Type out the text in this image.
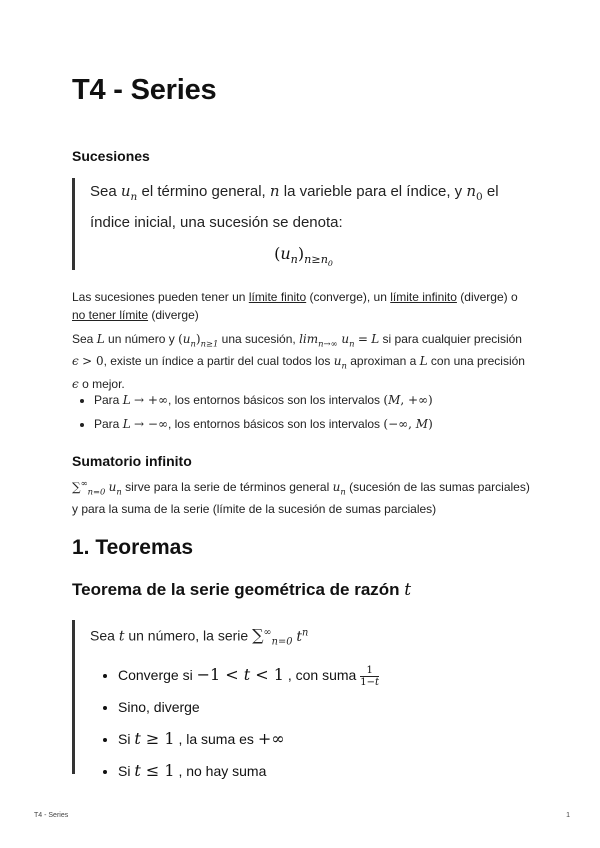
T4 - Series
Sucesiones

Sea $u_n$ el término general, n la varieble para el índice, y $n_0$ el índice inicial, una sucesión se denota:

$(u_n)_{n\ge n_0}$

Las sucesiones pueden tener un límite finito (converge), un límite infinito (diverge) o no tener límite (diverge)

Sea L un número y $(u_n)_{n\ge 1}$ una sucesión, $\lim_{n\to\infty} u_n = L$ si para cualquier precisión ϵ > 0, existe un índice a partir del cual todos los $u_n$ aproximan a L con una precisión ϵ o mejor.

• Para L → +∞, los entornos básicos son los intervalos (M, +∞)
• Para L → −∞, los entornos básicos son los intervalos (−∞, M)
Sumatorio infinito

$\sum^\infty_{n=0}$ $u_n$ sirve para la serie de términos general $u_n$ (sucesión de las sumas parciales) y para la suma de la serie (límite de la sucesión de sumas parciales)

1. Teoremas
Teorema de la serie geométrica de razón t

Sea t un número, la serie $\sum^\infty_{n=0}$ $t^n$

• Converge si −1 < t < 1 , con suma $\frac{1}{1-t}$
• Sino, diverge
• Si t ≥ 1 , la suma es +∞
• Si t ≤ 1 , no hay suma
T4 - Series	1
